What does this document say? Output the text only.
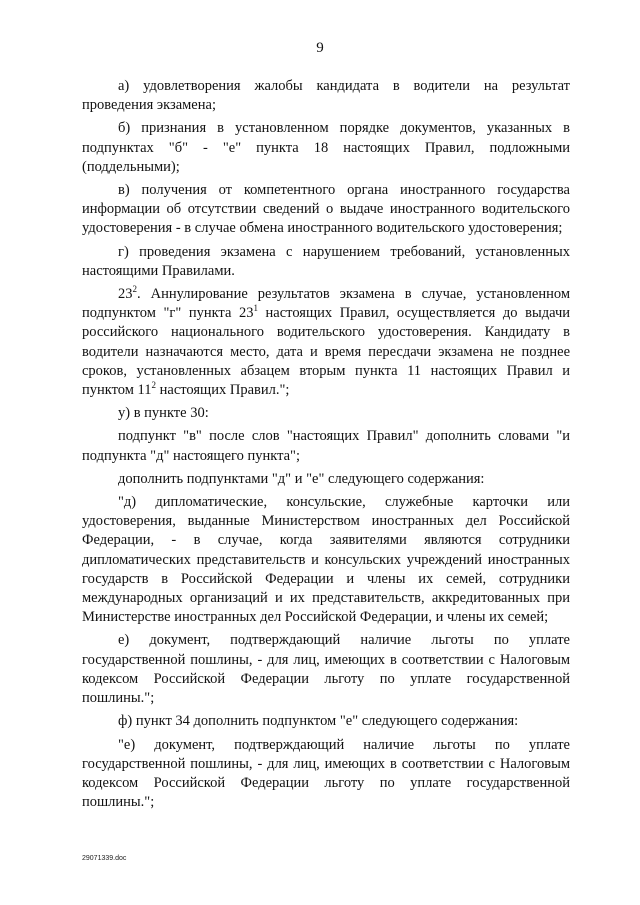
9

а) удовлетворения жалобы кандидата в водители на результат проведения экзамена;

б) признания в установленном порядке документов, указанных в подпунктах "б" - "е" пункта 18 настоящих Правил, подложными (поддельными);

в) получения от компетентного органа иностранного государства информации об отсутствии сведений о выдаче иностранного водительского удостоверения - в случае обмена иностранного водительского удостоверения;

г) проведения экзамена с нарушением требований, установленных настоящими Правилами.

$23^2$. Аннулирование результатов экзамена в случае, установленном подпунктом "г" пункта $23^1$ настоящих Правил, осуществляется до выдачи российского национального водительского удостоверения. Кандидату в водители назначаются место, дата и время пересдачи экзамена не позднее сроков, установленных абзацем вторым пункта 11 настоящих Правил и пунктом $11^2$ настоящих Правил.";

у) в пункте 30:

подпункт "в" после слов "настоящих Правил" дополнить словами "и подпункта "д" настоящего пункта";

дополнить подпунктами "д" и "е" следующего содержания:

"д) дипломатические, консульские, служебные карточки или удостоверения, выданные Министерством иностранных дел Российской Федерации, - в случае, когда заявителями являются сотрудники дипломатических представительств и консульских учреждений иностранных государств в Российской Федерации и члены их семей, сотрудники международных организаций и их представительств, аккредитованных при Министерстве иностранных дел Российской Федерации, и члены их семей;

е) документ, подтверждающий наличие льготы по уплате государственной пошлины, - для лиц, имеющих в соответствии с Налоговым кодексом Российской Федерации льготу по уплате государственной пошлины.";

ф) пункт 34 дополнить подпунктом "е" следующего содержания:

"е) документ, подтверждающий наличие льготы по уплате государственной пошлины, - для лиц, имеющих в соответствии с Налоговым кодексом Российской Федерации льготу по уплате государственной пошлины.";

29071339.doc
